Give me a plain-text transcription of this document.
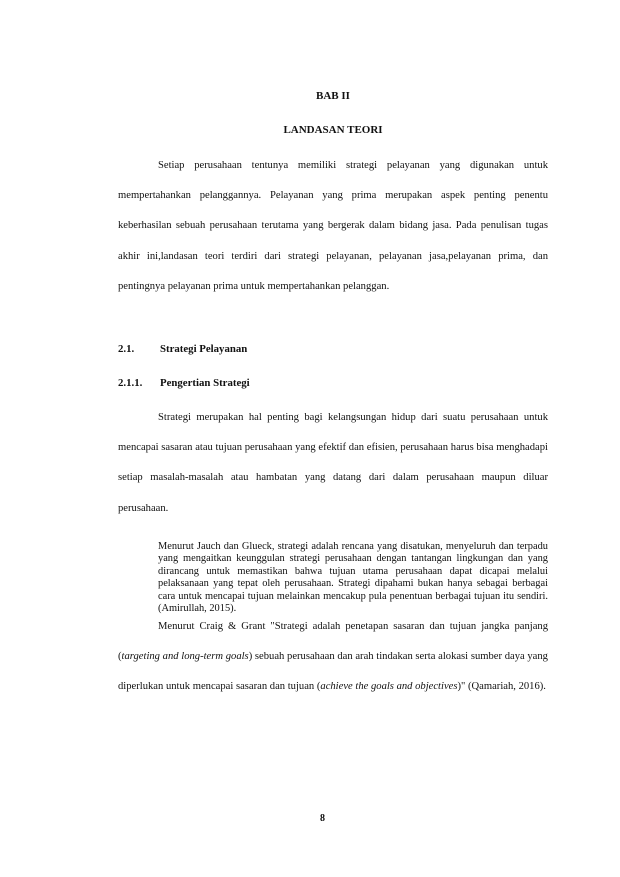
BAB II
LANDASAN TEORI

Setiap perusahaan tentunya memiliki strategi pelayanan yang digunakan untuk mempertahankan pelanggannya. Pelayanan yang prima merupakan aspek penting penentu keberhasilan sebuah perusahaan terutama yang bergerak dalam bidang jasa. Pada penulisan tugas akhir ini,landasan teori terdiri dari strategi pelayanan, pelayanan jasa,pelayanan prima, dan pentingnya pelayanan prima untuk mempertahankan pelanggan.

2.1. Strategi Pelayanan
2.1.1. Pengertian Strategi

Strategi merupakan hal penting bagi kelangsungan hidup dari suatu perusahaan untuk mencapai sasaran atau tujuan perusahaan yang efektif dan efisien, perusahaan harus bisa menghadapi setiap masalah-masalah atau hambatan yang datang dari dalam perusahaan maupun diluar perusahaan.

Menurut Jauch dan Glueck, strategi adalah rencana yang disatukan, menyeluruh dan terpadu yang mengaitkan keunggulan strategi perusahaan dengan tantangan lingkungan dan yang dirancang untuk memastikan bahwa tujuan utama perusahaan dapat dicapai melalui pelaksanaan yang tepat oleh perusahaan. Strategi dipahami bukan hanya sebagai berbagai cara untuk mencapai tujuan melainkan mencakup pula penentuan berbagai tujuan itu sendiri. (Amirullah, 2015).

Menurut Craig & Grant "Strategi adalah penetapan sasaran dan tujuan jangka panjang (targeting and long-term goals) sebuah perusahaan dan arah tindakan serta alokasi sumber daya yang diperlukan untuk mencapai sasaran dan tujuan (achieve the goals and objectives)" (Qamariah, 2016).

8
